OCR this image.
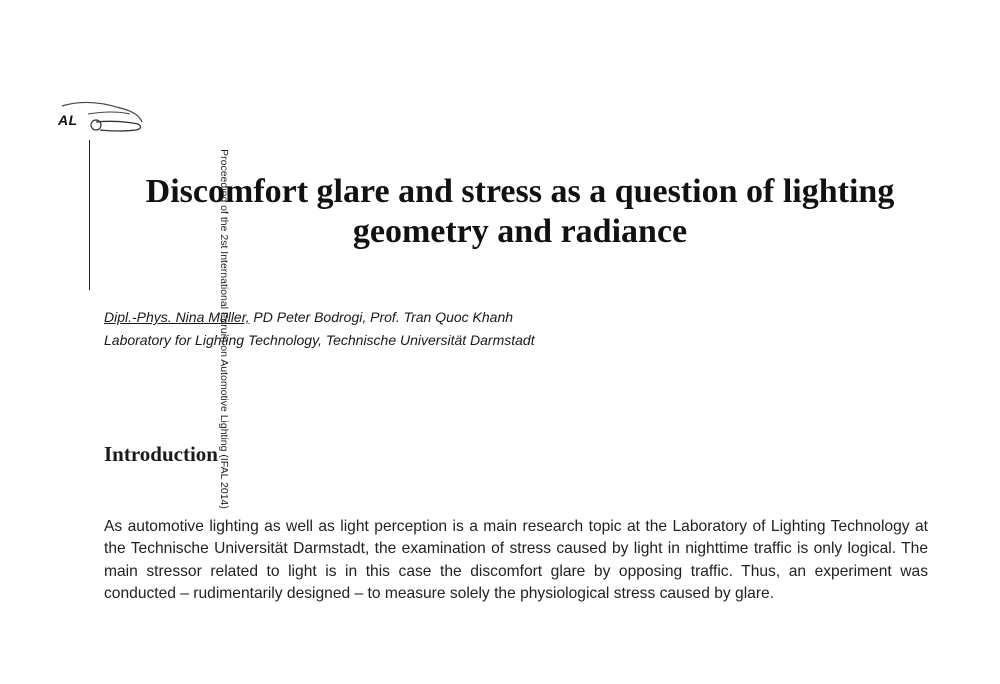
AL
Proceeding of the 2st International Forum on Automotive Lighting (IFAL 2014)
Discomfort glare and stress as a question of lighting geometry and radiance
Dipl.-Phys. Nina Müller, PD Peter Bodrogi, Prof. Tran Quoc Khanh
Laboratory for Lighting Technology, Technische Universität Darmstadt
Introduction

As automotive lighting as well as light perception is a main research topic at the Laboratory of Lighting Technology at the Technische Universität Darmstadt, the examination of stress caused by light in nighttime traffic is only logical. The main stressor related to light is in this case the discomfort glare by opposing traffic. Thus, an experiment was conducted – rudimentarily designed – to measure solely the physiological stress caused by glare.
